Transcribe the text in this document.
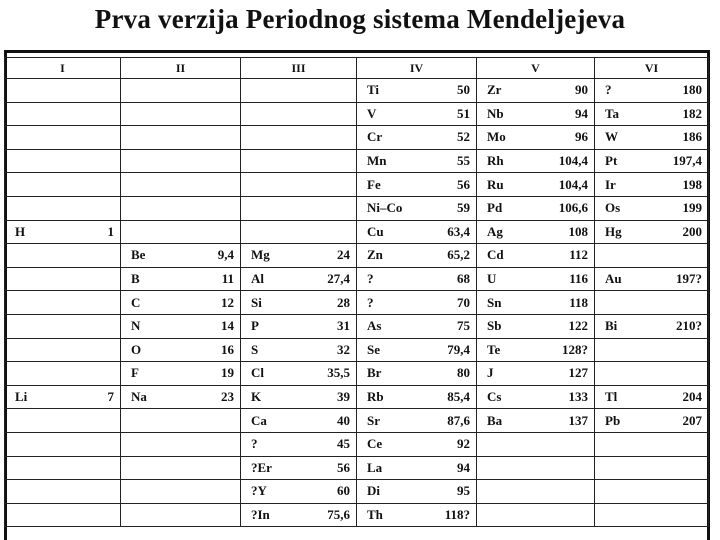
Prva verzija Periodnog sistema Mendeljejeva
I	II	III	IV	V	VI

			Ti 50	Zr 90	? 180

			V 51	Nb 94	Ta 182

			Cr 52	Mo 96	W 186

			Mn 55	Rh 104,4	Pt 197,4

			Fe 56	Ru 104,4	Ir 198

			Ni–Co 59	Pd 106,6	Os 199

H 1			Cu 63,4	Ag 108	Hg 200

	Be 9,4	Mg 24	Zn 65,2	Cd 112	

	B 11	Al 27,4	? 68	U 116	Au 197?

	C 12	Si 28	? 70	Sn 118	

	N 14	P 31	As 75	Sb 122	Bi 210?

	O 16	S 32	Se 79,4	Te 128?	

	F 19	Cl 35,5	Br 80	J 127	

Li 7	Na 23	K 39	Rb 85,4	Cs 133	Tl 204

		Ca 40	Sr 87,6	Ba 137	Pb 207

		? 45	Ce 92		

		?Er 56	La 94		

		?Y 60	Di 95		

		?In 75,6	Th 118?		
